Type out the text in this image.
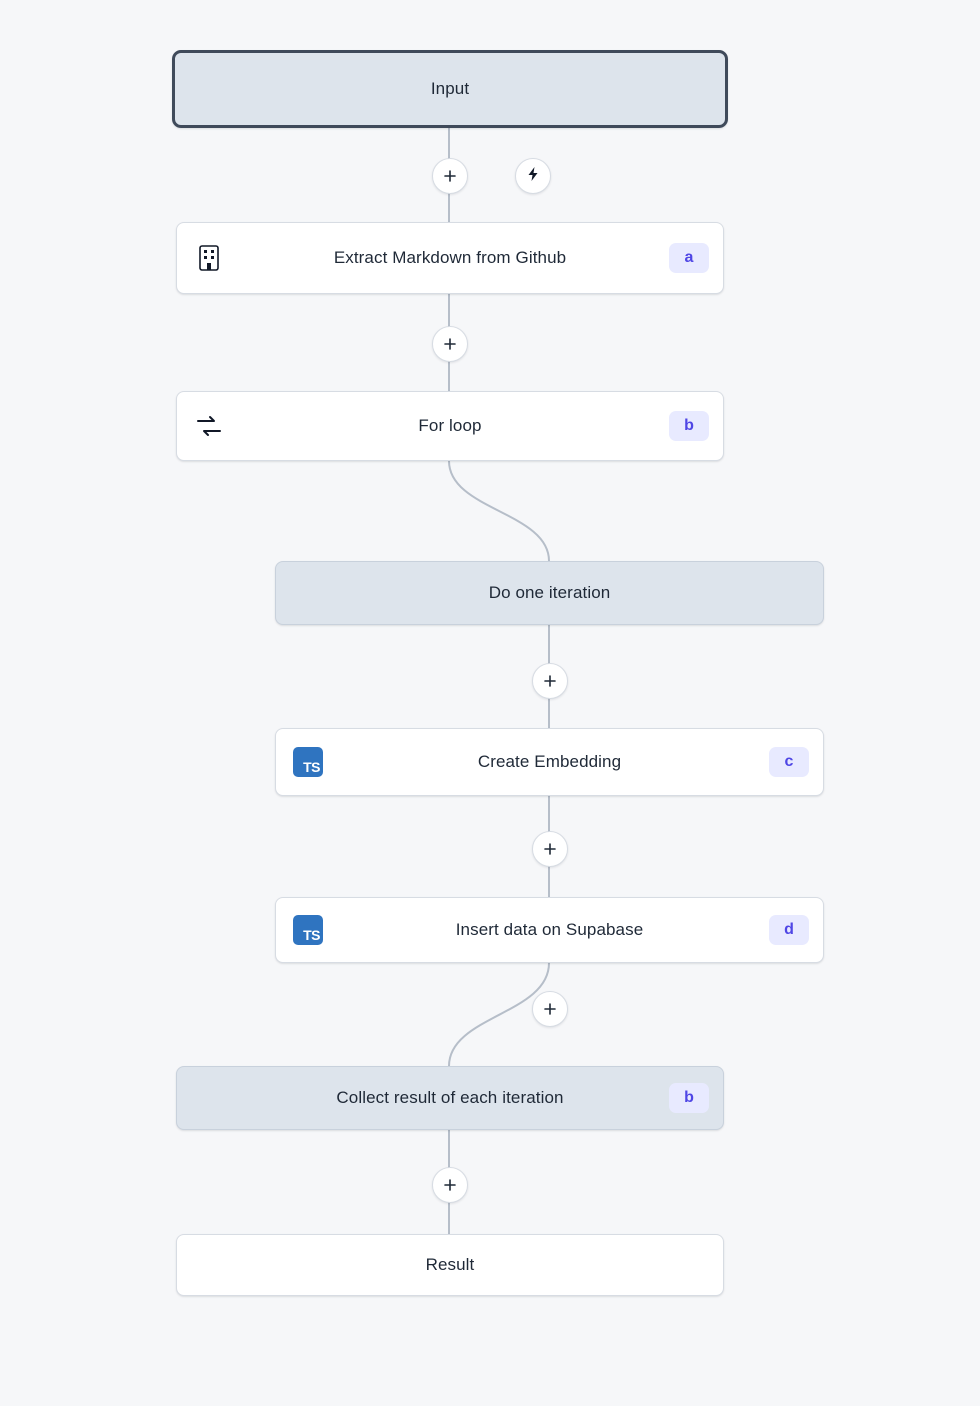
Input
Extract Markdown from Github	a
For loop	b
Do one iteration
TS	Create Embedding	c
TS	Insert data on Supabase	d
Collect result of each iteration	b
Result
